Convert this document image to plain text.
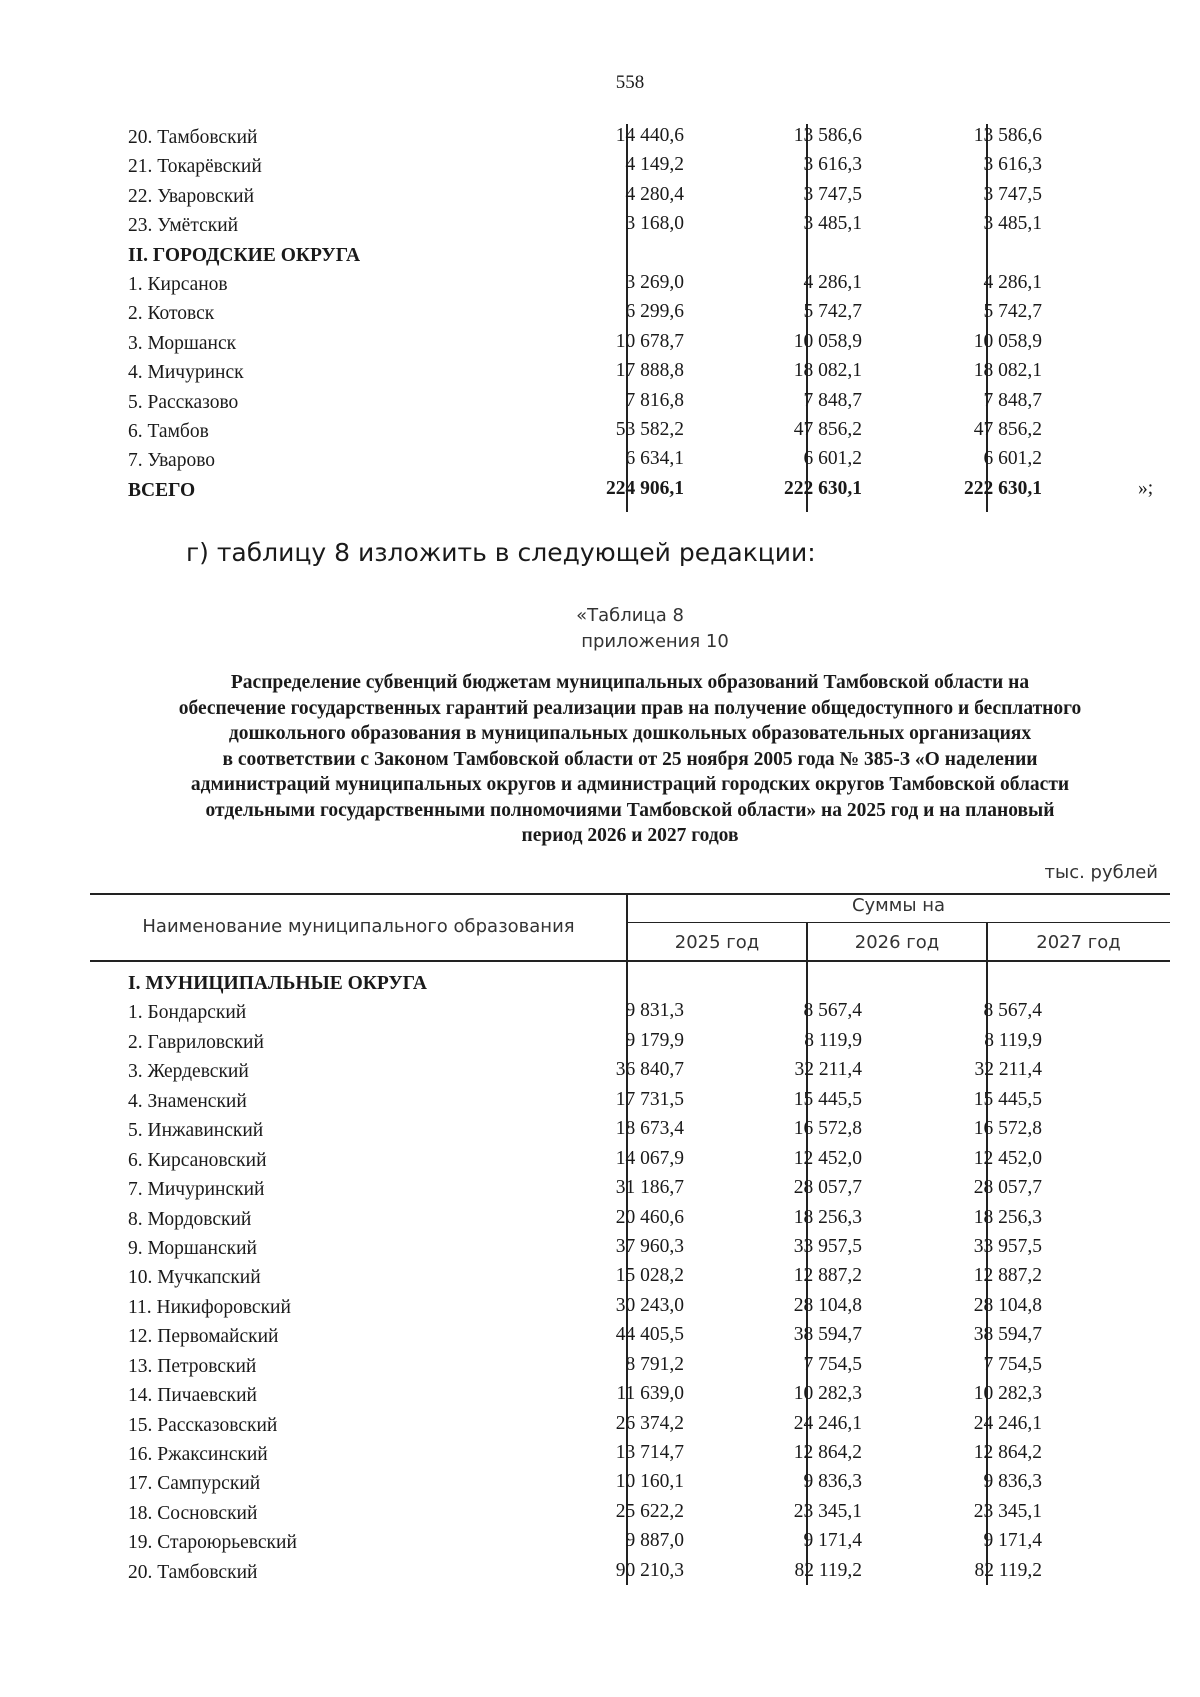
558
20. Тамбовский	14 440,6	13 586,6	13 586,6
21. Токарёвский	4 149,2	3 616,3	3 616,3
22. Уваровский	4 280,4	3 747,5	3 747,5
23. Умётский	3 168,0	3 485,1	3 485,1
II. ГОРОДСКИЕ ОКРУГА
1. Кирсанов	3 269,0	4 286,1	4 286,1
2. Котовск	6 299,6	5 742,7	5 742,7
3. Моршанск	10 678,7	10 058,9	10 058,9
4. Мичуринск	17 888,8	18 082,1	18 082,1
5. Рассказово	7 816,8	7 848,7	7 848,7
6. Тамбов	53 582,2	47 856,2	47 856,2
7. Уварово	6 634,1	6 601,2	6 601,2
ВСЕГО	224 906,1	222 630,1	222 630,1	»;
г) таблицу 8 изложить в следующей редакции:
«Таблица 8
приложения 10
Распределение субвенций бюджетам муниципальных образований Тамбовской области на
обеспечение государственных гарантий реализации прав на получение общедоступного и бесплатного
дошкольного образования в муниципальных дошкольных образовательных организациях
в соответствии с Законом Тамбовской области от 25 ноября 2005 года № 385-З «О наделении
администраций муниципальных округов и администраций городских округов Тамбовской области
отдельными государственными полномочиями Тамбовской области» на 2025 год и на плановый
период 2026 и 2027 годов
тыс. рублей
Наименование муниципального образования
Суммы на
2025 год	2026 год	2027 год
I. МУНИЦИПАЛЬНЫЕ ОКРУГА
1. Бондарский	9 831,3	8 567,4	8 567,4
2. Гавриловский	9 179,9	8 119,9	8 119,9
3. Жердевский	36 840,7	32 211,4	32 211,4
4. Знаменский	17 731,5	15 445,5	15 445,5
5. Инжавинский	18 673,4	16 572,8	16 572,8
6. Кирсановский	14 067,9	12 452,0	12 452,0
7. Мичуринский	31 186,7	28 057,7	28 057,7
8. Мордовский	20 460,6	18 256,3	18 256,3
9. Моршанский	37 960,3	33 957,5	33 957,5
10. Мучкапский	15 028,2	12 887,2	12 887,2
11. Никифоровский	30 243,0	28 104,8	28 104,8
12. Первомайский	44 405,5	38 594,7	38 594,7
13. Петровский	8 791,2	7 754,5	7 754,5
14. Пичаевский	11 639,0	10 282,3	10 282,3
15. Рассказовский	26 374,2	24 246,1	24 246,1
16. Ржаксинский	13 714,7	12 864,2	12 864,2
17. Сампурский	10 160,1	9 836,3	9 836,3
18. Сосновский	25 622,2	23 345,1	23 345,1
19. Староюрьевский	9 887,0	9 171,4	9 171,4
20. Тамбовский	90 210,3	82 119,2	82 119,2
